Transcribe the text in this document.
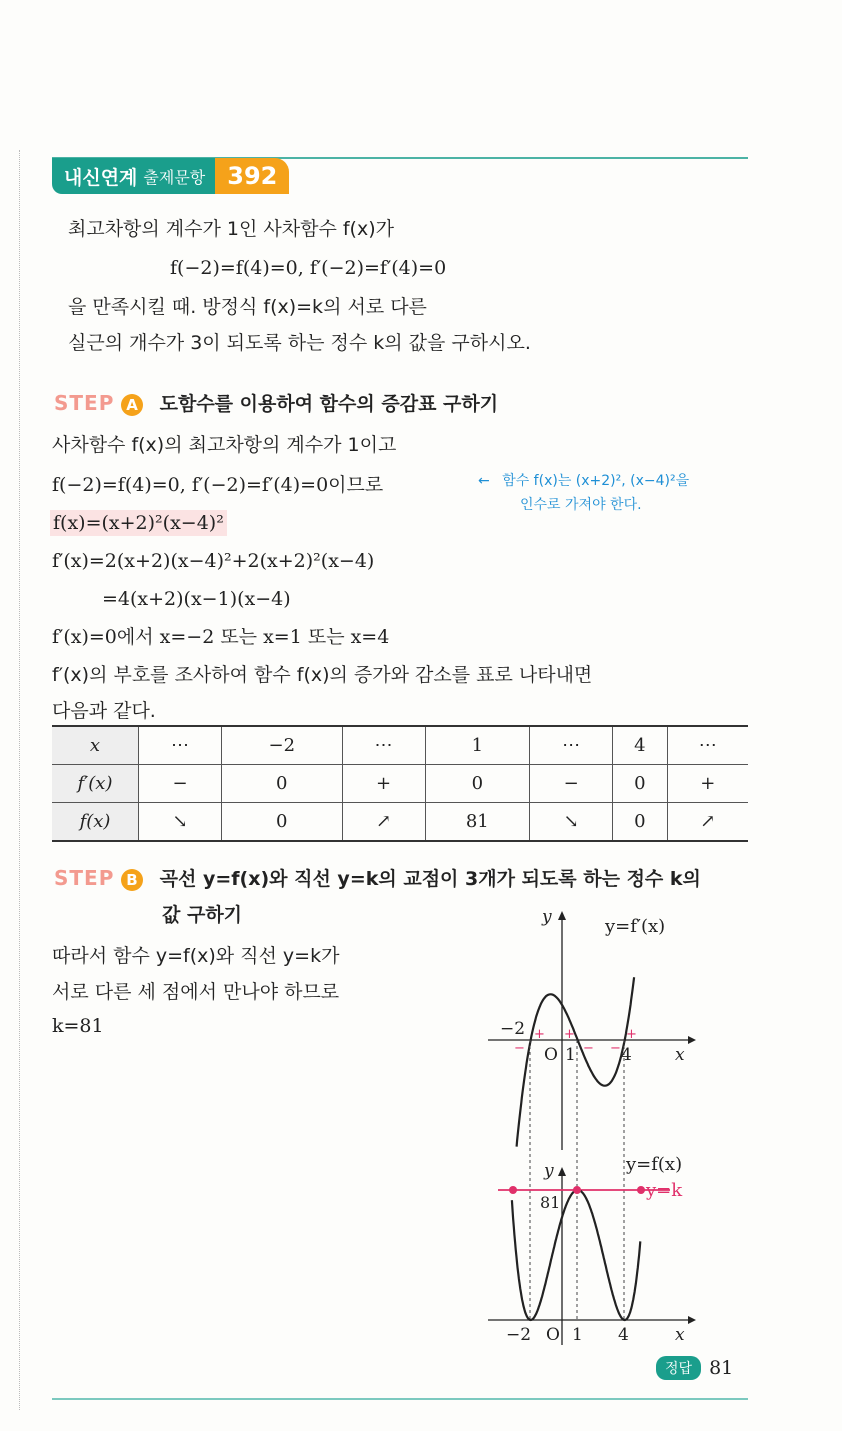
내신연계 출제문항 392
최고차항의 계수가 1인 사차함수 f(x)가
f(−2)=f(4)=0, f′(−2)=f′(4)=0
을 만족시킬 때. 방정식 f(x)=k의 서로 다른
실근의 개수가 3이 되도록 하는 정수 k의 값을 구하시오.
STEP A 도함수를 이용하여 함수의 증감표 구하기
사차함수 f(x)의 최고차항의 계수가 1이고
f(−2)=f(4)=0, f′(−2)=f′(4)=0이므로
f(x)=(x+2)²(x−4)²
f′(x)=2(x+2)(x−4)²+2(x+2)²(x−4)
=4(x+2)(x−1)(x−4)
f′(x)=0에서 x=−2 또는 x=1 또는 x=4
f′(x)의 부호를 조사하여 함수 f(x)의 증가와 감소를 표로 나타내면
다음과 같다.
← 함수 f(x)는 (x+2)², (x−4)²을
인수로 가져야 한다.
x	⋯	−2	⋯	1	⋯	4	⋯
f′(x)	−	0	+	0	−	0	+
f(x)	↘	0	↗	81	↘	0	↗
STEP B 곡선 y=f(x)와 직선 y=k의 교점이 3개가 되도록 하는 정수 k의
값 구하기
따라서 함수 y=f(x)와 직선 y=k가
서로 다른 세 점에서 만나야 하므로
k=81
y
x
y=f′(x)
−2
O 1	4
+ +	+
−	− −
y
x
y=f(x)
y=k
81
−2 O 1 4
정답 81
